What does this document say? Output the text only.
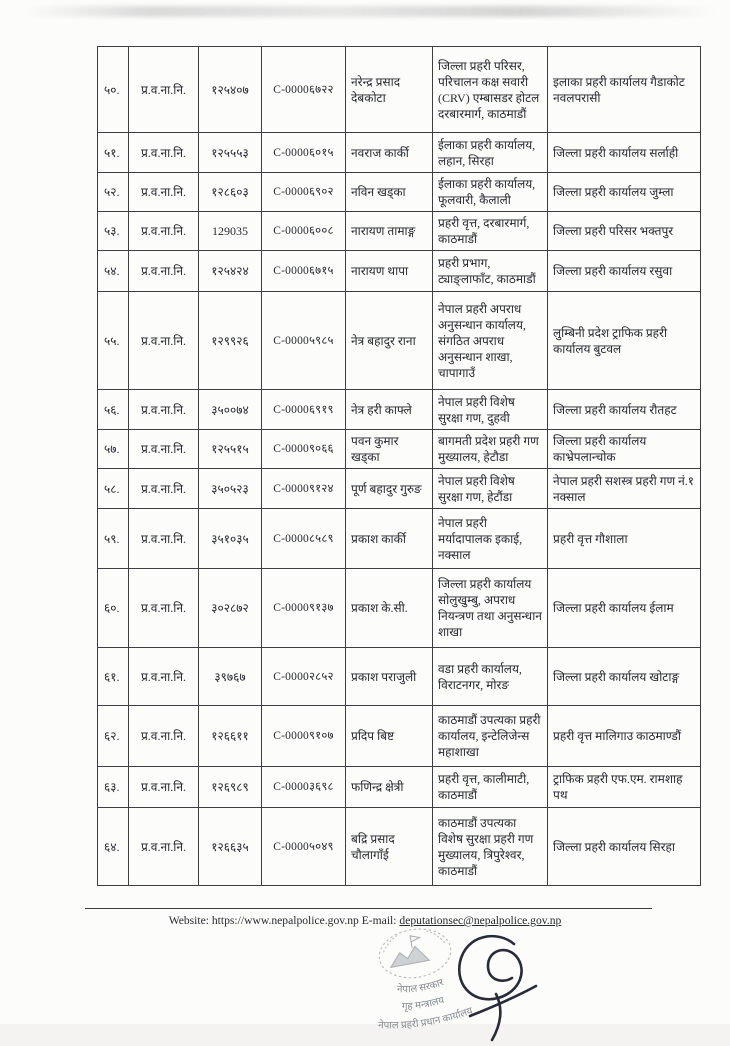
५०.	प्र.व.ना.नि.	१२५४०७	C-0000६७२२	नरेन्द्र प्रसाद देबकोटा	जिल्ला प्रहरी परिसर, परिचालन कक्ष सवारी (CRV) एम्बासडर होटल दरबारमार्ग, काठमाडौं	इलाका प्रहरी कार्यालय गैडाकोट नवलपरासी
५१.	प्र.व.ना.नि.	१२५५५३	C-0000६०१५	नवराज कार्की	ईलाका प्रहरी कार्यालय, लहान, सिरहा	जिल्ला प्रहरी कार्यालय सर्लाही
५२.	प्र.व.ना.नि.	१२८६०३	C-0000६९०२	नविन खड्का	ईलाका प्रहरी कार्यालय, फूलवारी, कैलाली	जिल्ला प्रहरी कार्यालय जुम्ला
५३.	प्र.व.ना.नि.	129035	C-0000६००८	नारायण तामाङ्ग	प्रहरी वृत्त, दरबारमार्ग, काठमाडौं	जिल्ला प्रहरी परिसर भक्तपुर
५४.	प्र.व.ना.नि.	१२५४२४	C-0000६७१५	नारायण थापा	प्रहरी प्रभाग, ट्याङ्लाफाँट, काठमाडौं	जिल्ला प्रहरी कार्यालय रसुवा
५५.	प्र.व.ना.नि.	१२९९२६	C-0000५९८५	नेत्र बहादुर राना	नेपाल प्रहरी अपराध अनुसन्धान कार्यालय, संगठित अपराध अनुसन्धान शाखा, चापागाउँ	लुम्बिनी प्रदेश ट्राफिक प्रहरी कार्यालय बुटवल
५६.	प्र.व.ना.नि.	३५००७४	C-0000६९१९	नेत्र हरी काफ्ले	नेपाल प्रहरी विशेष सुरक्षा गण, दुहवी	जिल्ला प्रहरी कार्यालय रौतहट
५७.	प्र.व.ना.नि.	१२५५१५	C-0000९०६६	पवन कुमार खड्का	बागमती प्रदेश प्रहरी गण मुख्यालय, हेटौडा	जिल्ला प्रहरी कार्यालय काभ्रेपलान्चोक
५८.	प्र.व.ना.नि.	३५०५२३	C-0000९१२४	पूर्ण बहादुर गुरुङ	नेपाल प्रहरी विशेष सुरक्षा गण, हेटौंडा	नेपाल प्रहरी सशस्त्र प्रहरी गण नं.१ नक्साल
५९.	प्र.व.ना.नि.	३५१०३५	C-0000८५८९	प्रकाश कार्की	नेपाल प्रहरी मर्यादापालक इकाई, नक्साल	प्रहरी वृत्त गौशाला
६०.	प्र.व.ना.नि.	३०२८७२	C-0000९१३७	प्रकाश के.सी.	जिल्ला प्रहरी कार्यालय सोलुखुम्बु, अपराध नियन्त्रण तथा अनुसन्धान शाखा	जिल्ला प्रहरी कार्यालय ईलाम
६१.	प्र.व.ना.नि.	३९७६७	C-0000२८५२	प्रकाश पराजुली	वडा प्रहरी कार्यालय, विराटनगर, मोरङ	जिल्ला प्रहरी कार्यालय खोटाङ्ग
६२.	प्र.व.ना.नि.	१२६६११	C-0000९१०७	प्रदिप बिष्ट	काठमाडौं उपत्यका प्रहरी कार्यालय, इन्टेलिजेन्स महाशाखा	प्रहरी वृत्त मालिगाउ काठमाण्डौं
६३.	प्र.व.ना.नि.	१२६९८९	C-0000३६९८	फणिन्द्र क्षेत्री	प्रहरी वृत्त, कालीमाटी, काठमाडौं	ट्राफिक प्रहरी एफ.एम. रामशाह पथ
६४.	प्र.व.ना.नि.	१२६६३५	C-0000५०४९	बद्रि प्रसाद चौलागाँई	काठमाडौं उपत्यका विशेष सुरक्षा प्रहरी गण मुख्यालय, त्रिपुरेश्वर, काठमाडौं	जिल्ला प्रहरी कार्यालय सिरहा
Website: https://www.nepalpolice.gov.np E-mail: deputationsec@nepalpolice.gov.np
नेपाल सरकार
गृह मन्त्रालय
नेपाल प्रहरी प्रधान कार्यालय
